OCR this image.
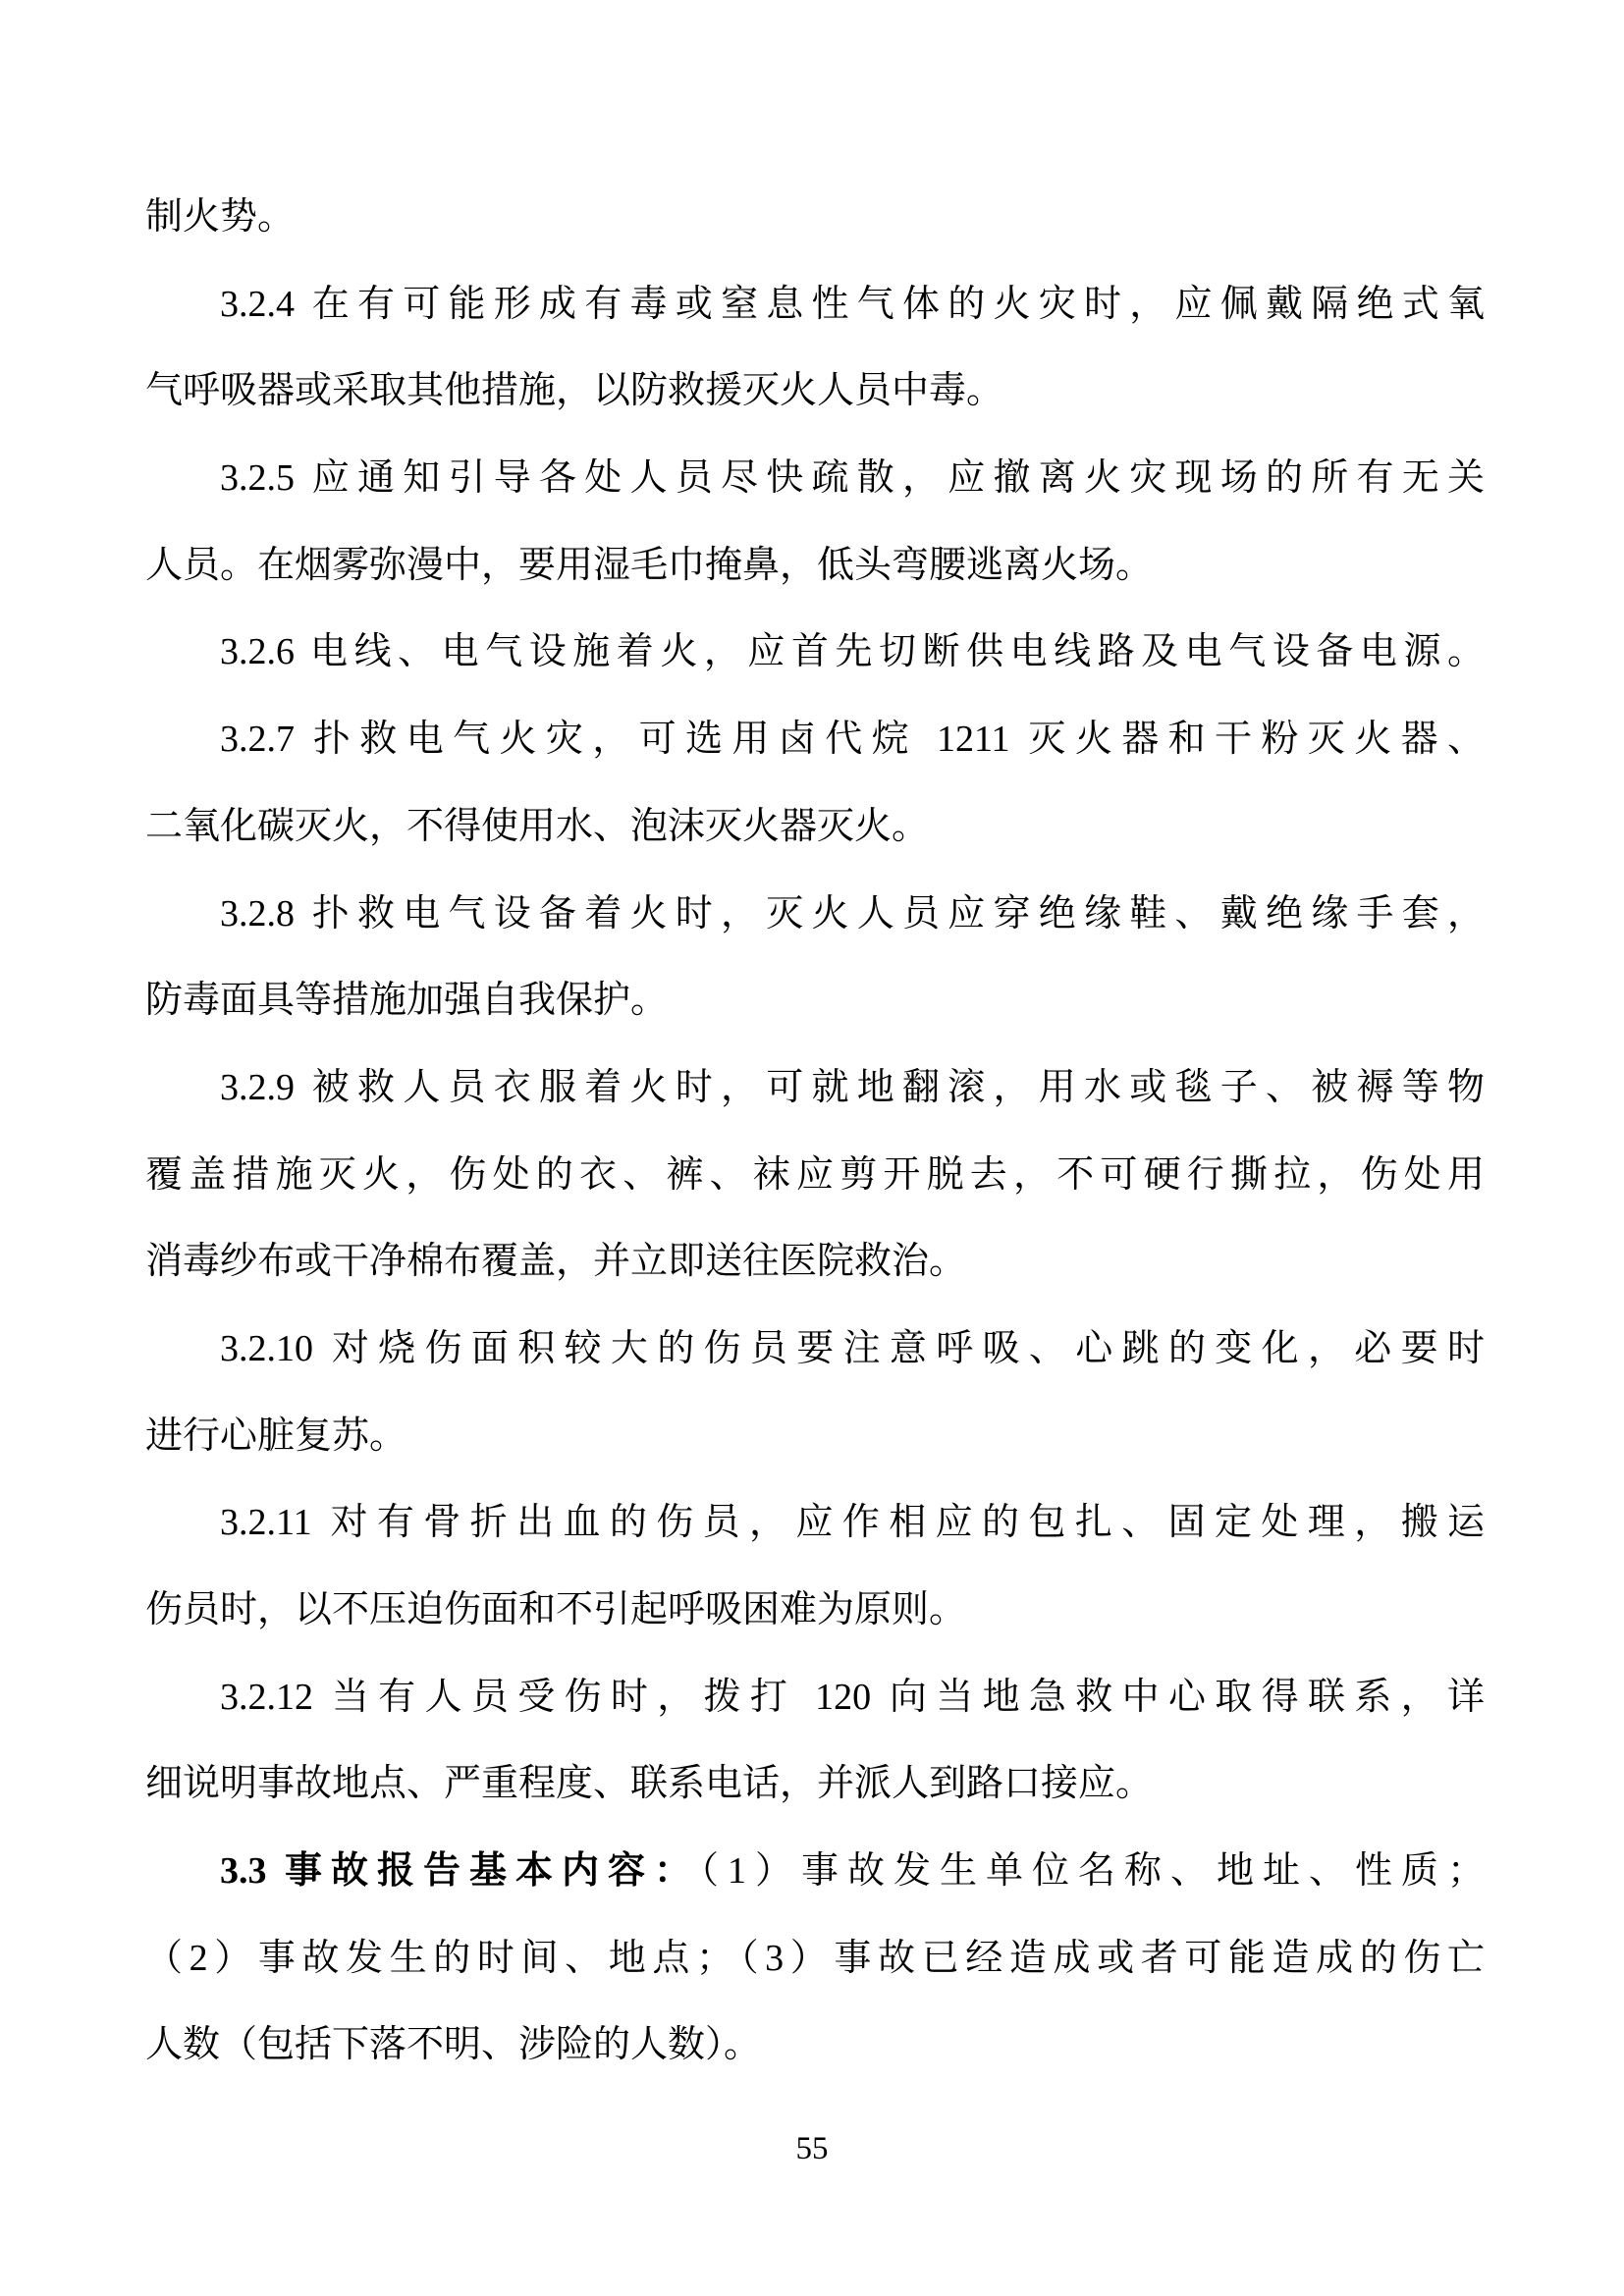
制火势。
3.2.4 在有可能形成有毒或窒息性气体的火灾时，应佩戴隔绝式氧
气呼吸器或采取其他措施，以防救援灭火人员中毒。
3.2.5 应通知引导各处人员尽快疏散，应撤离火灾现场的所有无关
人员。在烟雾弥漫中，要用湿毛巾掩鼻，低头弯腰逃离火场。
3.2.6 电线、电气设施着火，应首先切断供电线路及电气设备电源。
3.2.7 扑救电气火灾，可选用卤代烷 1211 灭火器和干粉灭火器、
二氧化碳灭火，不得使用水、泡沫灭火器灭火。
3.2.8 扑救电气设备着火时，灭火人员应穿绝缘鞋、戴绝缘手套，
防毒面具等措施加强自我保护。
3.2.9 被救人员衣服着火时，可就地翻滚，用水或毯子、被褥等物
覆盖措施灭火，伤处的衣、裤、袜应剪开脱去，不可硬行撕拉，伤处用
消毒纱布或干净棉布覆盖，并立即送往医院救治。
3.2.10 对烧伤面积较大的伤员要注意呼吸、心跳的变化，必要时
进行心脏复苏。
3.2.11 对有骨折出血的伤员，应作相应的包扎、固定处理，搬运
伤员时，以不压迫伤面和不引起呼吸困难为原则。
3.2.12 当有人员受伤时，拨打 120 向当地急救中心取得联系，详
细说明事故地点、严重程度、联系电话，并派人到路口接应。
3.3 事故报告基本内容：（1）事故发生单位名称、地址、性质；
（2）事故发生的时间、地点；（3）事故已经造成或者可能造成的伤亡
人数（包括下落不明、涉险的人数）。
55
